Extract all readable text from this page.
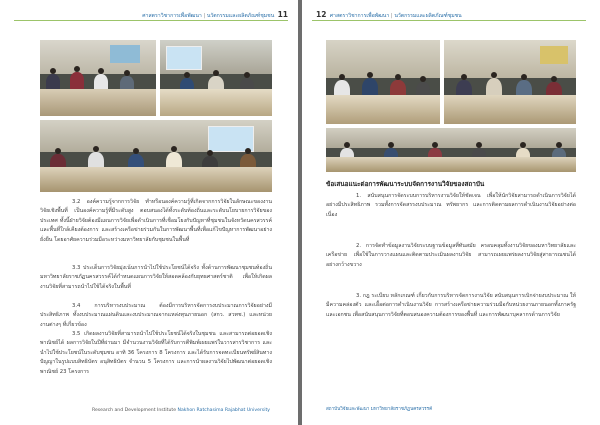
ศาสตราวิชาการเพื่อพัฒนา | นวัตกรรมและผลิตภัณฑ์ชุมชน 11

3.2 องค์ความรู้จากการวิจัย ทำหรือนองค์ความรู้ที่เกิดจากการวิจัยในลักษณะของงานวิจัยเชิงพื้นที่ เป็นองค์ความรู้ที่มีระดับสูง ตอบสนองได้ทั้งระดับท้องถิ่นและระดับนโยบายการวิจัยของประเทศ ทั้งนี้ฝ่ายวิจัยต้องมีแผนการวิจัยเพื่อดำเนินการที่เชื่อมโยงกับปัญหาที่ชุมชนในจังหวัดนครสวรรค์และพื้นที่ใกล้เคียงต้องการ และสร้างเครือข่ายร่วมกันในการพัฒนาพื้นที่เพื่อแก้ไขปัญหาการพัฒนาอย่างยั่งยืน โดยอาศัยความร่วมมือระหว่างมหาวิทยาลัยกับชุมชนในพื้นที่

3.3 ประเด็นการวิจัยมุ่งเน้นการนำไปใช้ประโยชน์ได้จริง ทั้งด้านการพัฒนาชุมชนท้องถิ่น มหาวิทยาลัยราชภัฏนครสวรรค์ได้กำหนดแผนการวิจัยให้สอดคล้องกับยุทธศาสตร์ชาติ เพื่อให้เกิดผลงานวิจัยที่สามารถนำไปใช้ได้จริงในพื้นที่

3.4	การบริหารงบประมาณ ต้องมีการบริหารจัดการงบประมาณการวิจัยอย่างมีประสิทธิภาพ ทั้งงบประมาณแผ่นดินและงบประมาณจากแหล่งทุนภายนอก (สกว. สวทช.) และหน่วยงานต่างๆ ที่เกี่ยวข้อง

3.5 เกิดผลงานวิจัยที่สามารถนำไปใช้ประโยชน์ได้จริงในชุมชน และสามารถต่อยอดเชิงพาณิชย์ได้ ผลการวิจัยในปีที่ผ่านมา มีจำนวนงานวิจัยที่ได้รับการตีพิมพ์เผยแพร่ในวารสารวิชาการ และนำไปใช้ประโยชน์ในระดับชุมชน อาทิ 36 โครงการ 8 โครงการ และได้รับการจดทะเบียนทรัพย์สินทางปัญญาในรูปแบบสิทธิบัตร อนุสิทธิบัตร จำนวน 5 โครงการ และการนำผลงานวิจัยไปพัฒนาต่อยอดเชิงพาณิชย์ 23 โครงการ

Research and Development Institute Nakhon Ratchasima Rajabhat University
12 ศาสตราวิชาการเพื่อพัฒนา | นวัตกรรมและผลิตภัณฑ์ชุมชน
ข้อเสนอแนะต่อการพัฒนาระบบจัดการงานวิจัยของสถาบัน

1. สนับสนุนการจัดระบบการบริหารงานวิจัยให้ชัดเจน เพื่อให้นักวิจัยสามารถดำเนินการวิจัยได้อย่างมีประสิทธิภาพ รวมทั้งการจัดสรรงบประมาณ ทรัพยากร และการติดตามผลการดำเนินงานวิจัยอย่างต่อเนื่อง

2. การจัดทำข้อมูลงานวิจัยระบบฐานข้อมูลที่ทันสมัย ครอบคลุมทั้งงานวิจัยของมหาวิทยาลัยและเครือข่าย เพื่อใช้ในการวางแผนและติดตามประเมินผลงานวิจัย สามารถเผยแพร่ผลงานวิจัยสู่สาธารณชนได้อย่างกว้างขวาง

3. กฎ ระเบียบ หลักเกณฑ์ เกี่ยวกับการบริหารจัดการงานวิจัย สนับสนุนการเบิกจ่ายงบประมาณ ให้มีความคล่องตัว และเอื้อต่อการดำเนินงานวิจัย การสร้างเครือข่ายความร่วมมือกับหน่วยงานภายนอกทั้งภาครัฐและเอกชน เพื่อสนับสนุนการวิจัยที่ตอบสนองความต้องการของพื้นที่ และการพัฒนาบุคลากรด้านการวิจัย

สถาบันวิจัยและพัฒนา มหาวิทยาลัยราชภัฏนครสวรรค์
